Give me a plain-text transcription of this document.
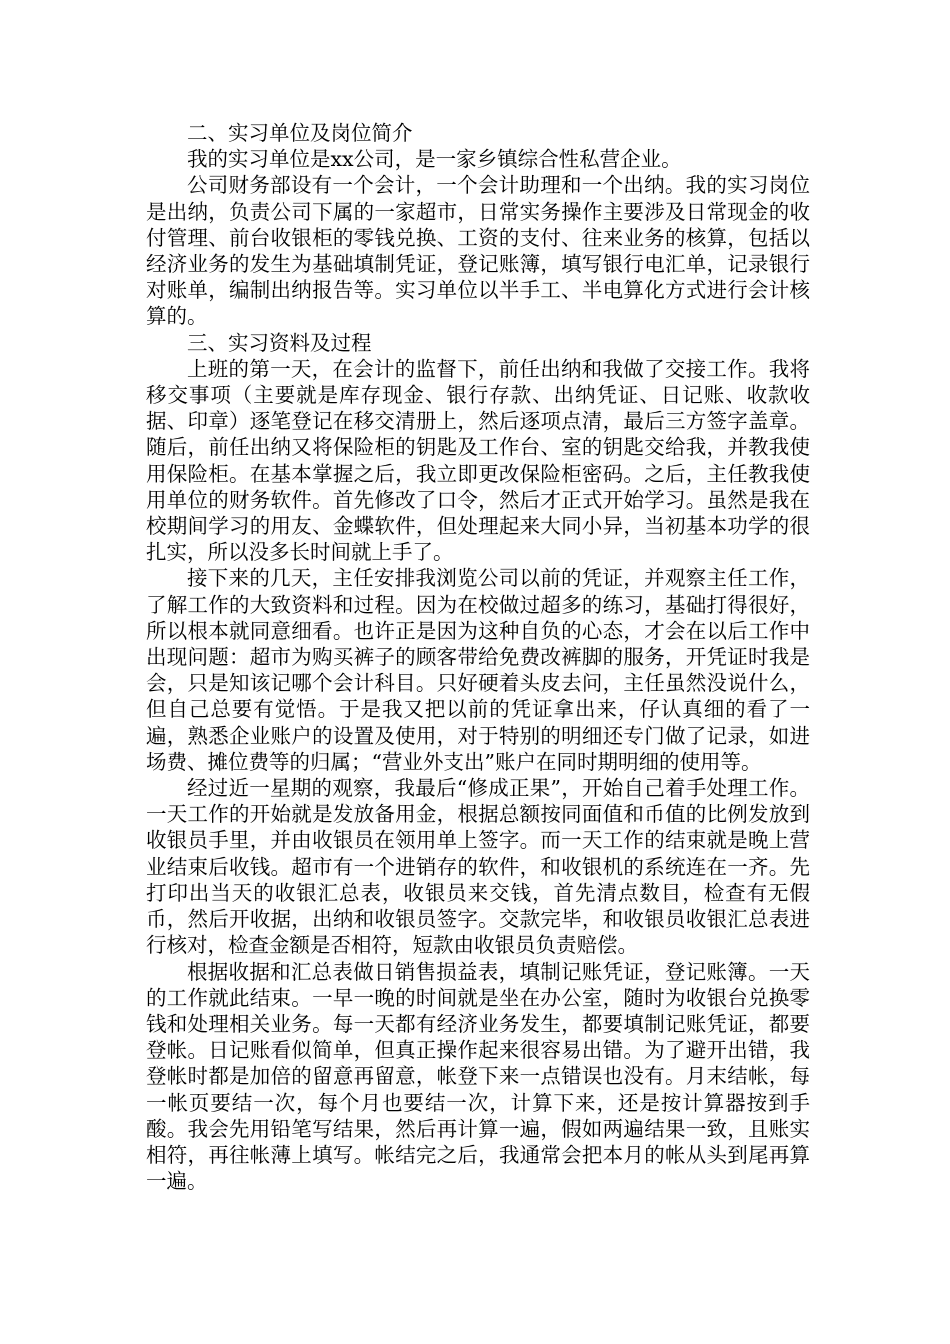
二、实习单位及岗位简介

我的实习单位是xx公司，是一家乡镇综合性私营企业。

公司财务部设有一个会计，一个会计助理和一个出纳。我的实习岗位是出纳，负责公司下属的一家超市，日常实务操作主要涉及日常现金的收付管理、前台收银柜的零钱兑换、工资的支付、往来业务的核算，包括以经济业务的发生为基础填制凭证，登记账簿，填写银行电汇单，记录银行对账单，编制出纳报告等。实习单位以半手工、半电算化方式进行会计核算的。

三、实习资料及过程

上班的第一天，在会计的监督下，前任出纳和我做了交接工作。我将移交事项（主要就是库存现金、银行存款、出纳凭证、日记账、收款收据、印章）逐笔登记在移交清册上，然后逐项点清，最后三方签字盖章。随后，前任出纳又将保险柜的钥匙及工作台、室的钥匙交给我，并教我使用保险柜。在基本掌握之后，我立即更改保险柜密码。之后，主任教我使用单位的财务软件。首先修改了口令，然后才正式开始学习。虽然是我在校期间学习的用友、金蝶软件，但处理起来大同小异，当初基本功学的很扎实，所以没多长时间就上手了。

接下来的几天，主任安排我浏览公司以前的凭证，并观察主任工作，了解工作的大致资料和过程。因为在校做过超多的练习，基础打得很好，所以根本就同意细看。也许正是因为这种自负的心态，才会在以后工作中出现问题：超市为购买裤子的顾客带给免费改裤脚的服务，开凭证时我是会，只是知该记哪个会计科目。只好硬着头皮去问，主任虽然没说什么，但自己总要有觉悟。于是我又把以前的凭证拿出来，仔认真细的看了一遍，熟悉企业账户的设置及使用，对于特别的明细还专门做了记录，如进场费、摊位费等的归属；“营业外支出”账户在同时期明细的使用等。

经过近一星期的观察，我最后“修成正果”，开始自己着手处理工作。一天工作的开始就是发放备用金，根据总额按同面值和币值的比例发放到收银员手里，并由收银员在领用单上签字。而一天工作的结束就是晚上营业结束后收钱。超市有一个进销存的软件，和收银机的系统连在一齐。先打印出当天的收银汇总表，收银员来交钱，首先清点数目，检查有无假币，然后开收据，出纳和收银员签字。交款完毕，和收银员收银汇总表进行核对，检查金额是否相符，短款由收银员负责赔偿。

根据收据和汇总表做日销售损益表，填制记账凭证，登记账簿。一天的工作就此结束。一早一晚的时间就是坐在办公室，随时为收银台兑换零钱和处理相关业务。每一天都有经济业务发生，都要填制记账凭证，都要登帐。日记账看似简单，但真正操作起来很容易出错。为了避开出错，我登帐时都是加倍的留意再留意，帐登下来一点错误也没有。月末结帐，每一帐页要结一次，每个月也要结一次，计算下来，还是按计算器按到手酸。我会先用铅笔写结果，然后再计算一遍，假如两遍结果一致，且账实相符，再往帐薄上填写。帐结完之后，我通常会把本月的帐从头到尾再算一遍。
